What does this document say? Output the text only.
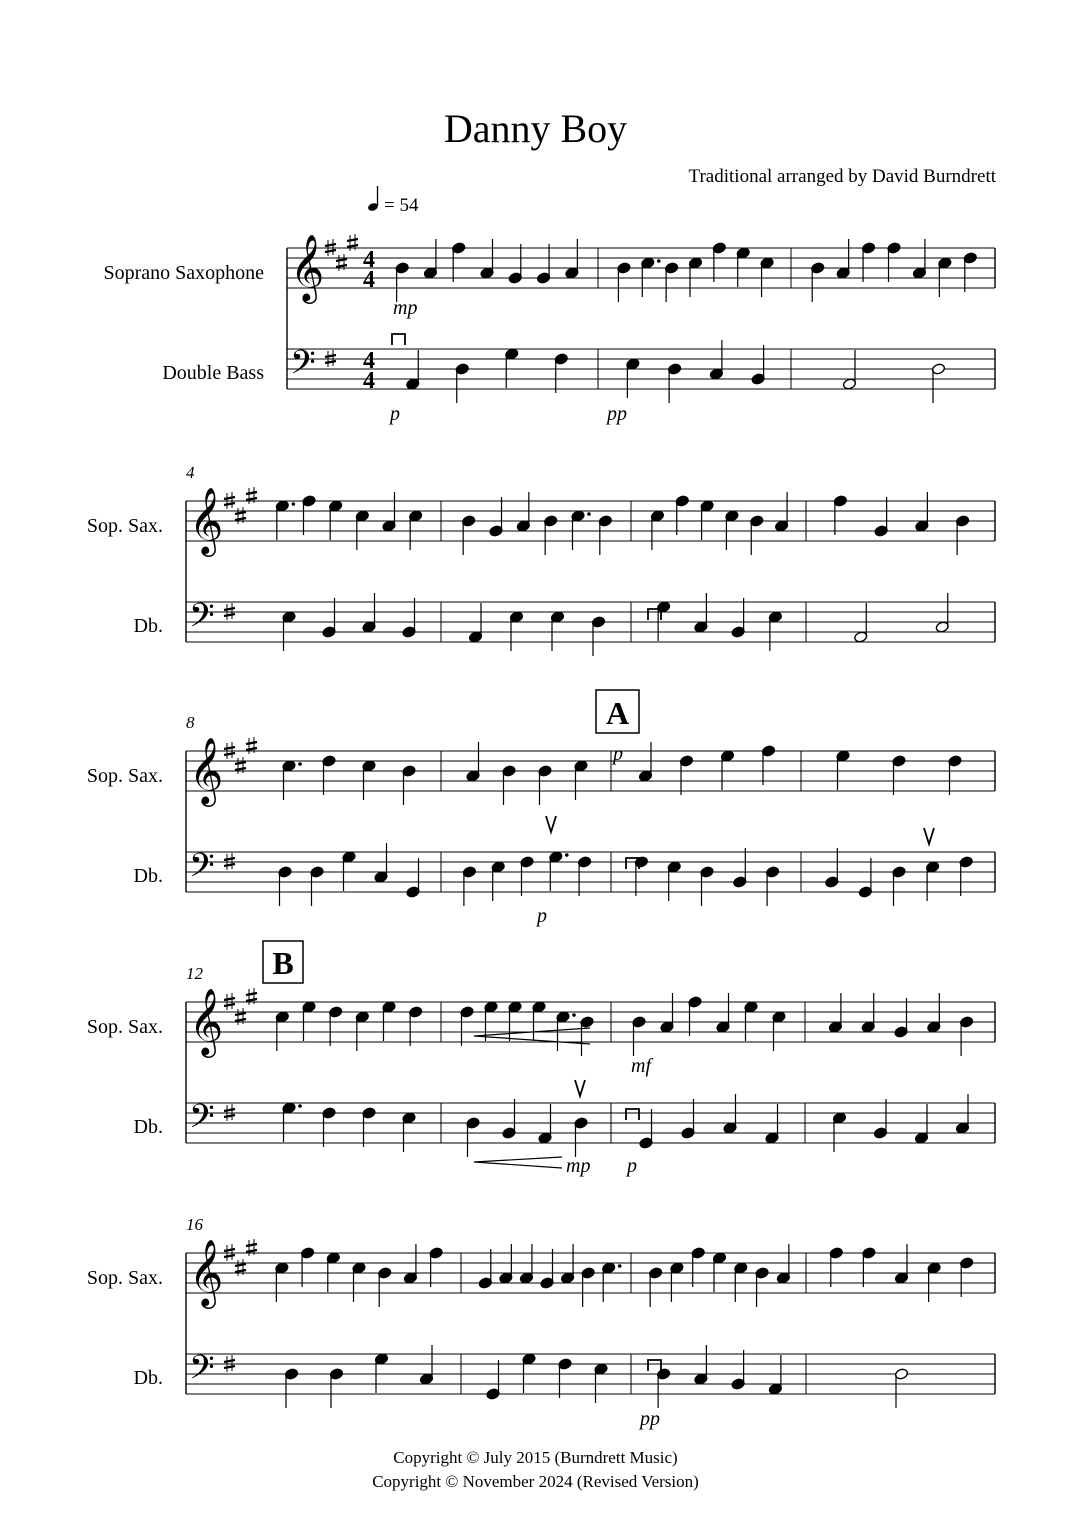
Danny Boy
Traditional arranged by David Burndrett
= 54
Soprano Saxophone
Double Bass
Sop. Sax.
Db.
Sop. Sax.
Db.
Sop. Sax.
Db.
Sop. Sax.
Db.
4
8
12
16
A
B
mp
p	pp
p
p
mf
mp p
pp
𝄞
𝄢
4
4
4
4
𝄞
𝄢
𝄞
𝄢
𝄞
𝄢
𝄞
𝄢
Copyright © July 2015 (Burndrett Music)
Copyright © November 2024 (Revised Version)
